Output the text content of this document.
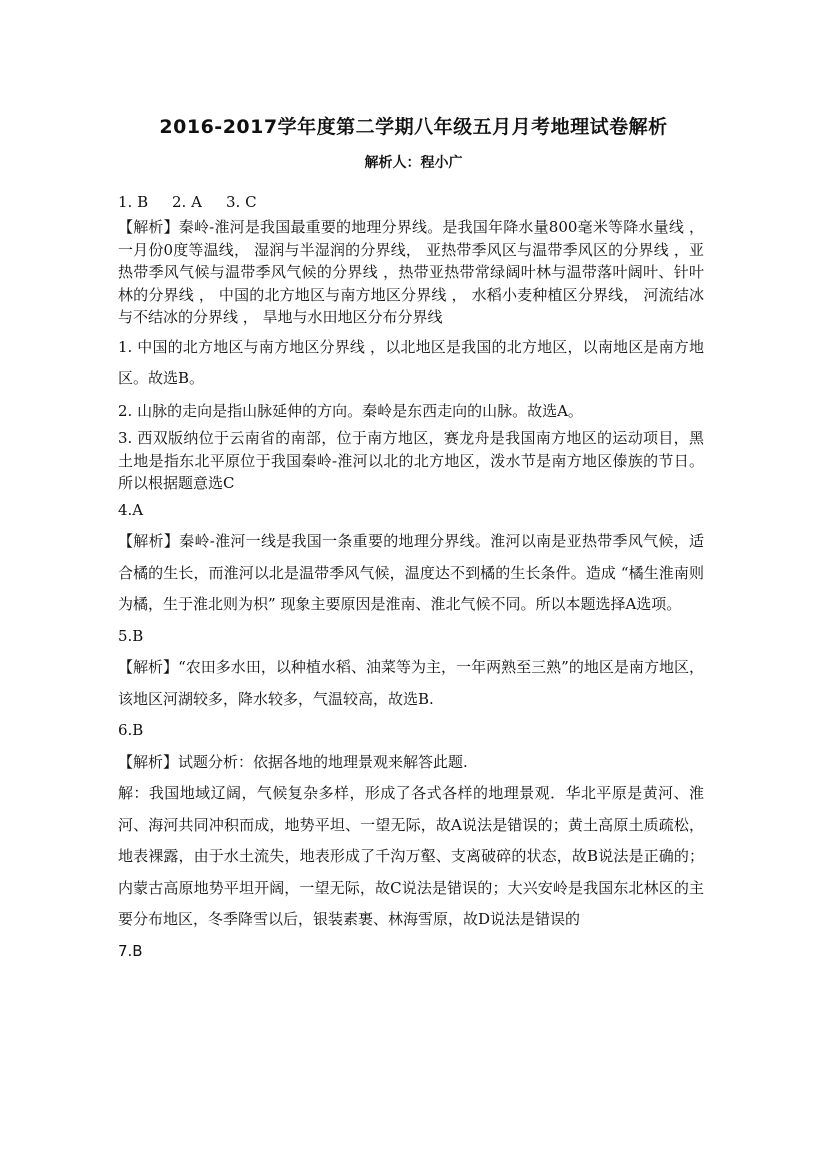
2016-2017学年度第二学期八年级五月月考地理试卷解析
解析人：程小广

1. B 2. A 3. C

【解析】秦岭-淮河是我国最重要的地理分界线。是我国年降水量800毫米等降水量线 ， 一月份0度等温线， 湿润与半湿润的分界线， 亚热带季风区与温带季风区的分界线 ，亚热带季风气候与温带季风气候的分界线 ，热带亚热带常绿阔叶林与温带落叶阔叶、针叶林的分界线 ， 中国的北方地区与南方地区分界线 ， 水稻小麦种植区分界线， 河流结冰与不结冰的分界线 ， 旱地与水田地区分布分界线

1. 中国的北方地区与南方地区分界线 ，以北地区是我国的北方地区，以南地区是南方地区。故选B。

2. 山脉的走向是指山脉延伸的方向。秦岭是东西走向的山脉。故选A。

3. 西双版纳位于云南省的南部，位于南方地区，赛龙舟是我国南方地区的运动项目，黑土地是指东北平原位于我国秦岭-淮河以北的北方地区，泼水节是南方地区傣族的节日。所以根据题意选C

4.A

【解析】秦岭-淮河一线是我国一条重要的地理分界线。淮河以南是亚热带季风气候，适合橘的生长，而淮河以北是温带季风气候，温度达不到橘的生长条件。造成 “橘生淮南则为橘，生于淮北则为枳” 现象主要原因是淮南、淮北气候不同。所以本题选择A选项。

5.B

【解析】“农田多水田，以种植水稻、油菜等为主，一年两熟至三熟”的地区是南方地区，该地区河湖较多，降水较多，气温较高，故选B.

6.B

【解析】试题分析：依据各地的地理景观来解答此题.

解：我国地域辽阔，气候复杂多样，形成了各式各样的地理景观．华北平原是黄河、淮河、海河共同冲积而成，地势平坦、一望无际，故A说法是错误的；黄土高原土质疏松，地表裸露，由于水土流失，地表形成了千沟万壑、支离破碎的状态，故B说法是正确的；内蒙古高原地势平坦开阔，一望无际，故C说法是错误的；大兴安岭是我国东北林区的主要分布地区，冬季降雪以后，银装素裹、林海雪原，故D说法是错误的

7.B
